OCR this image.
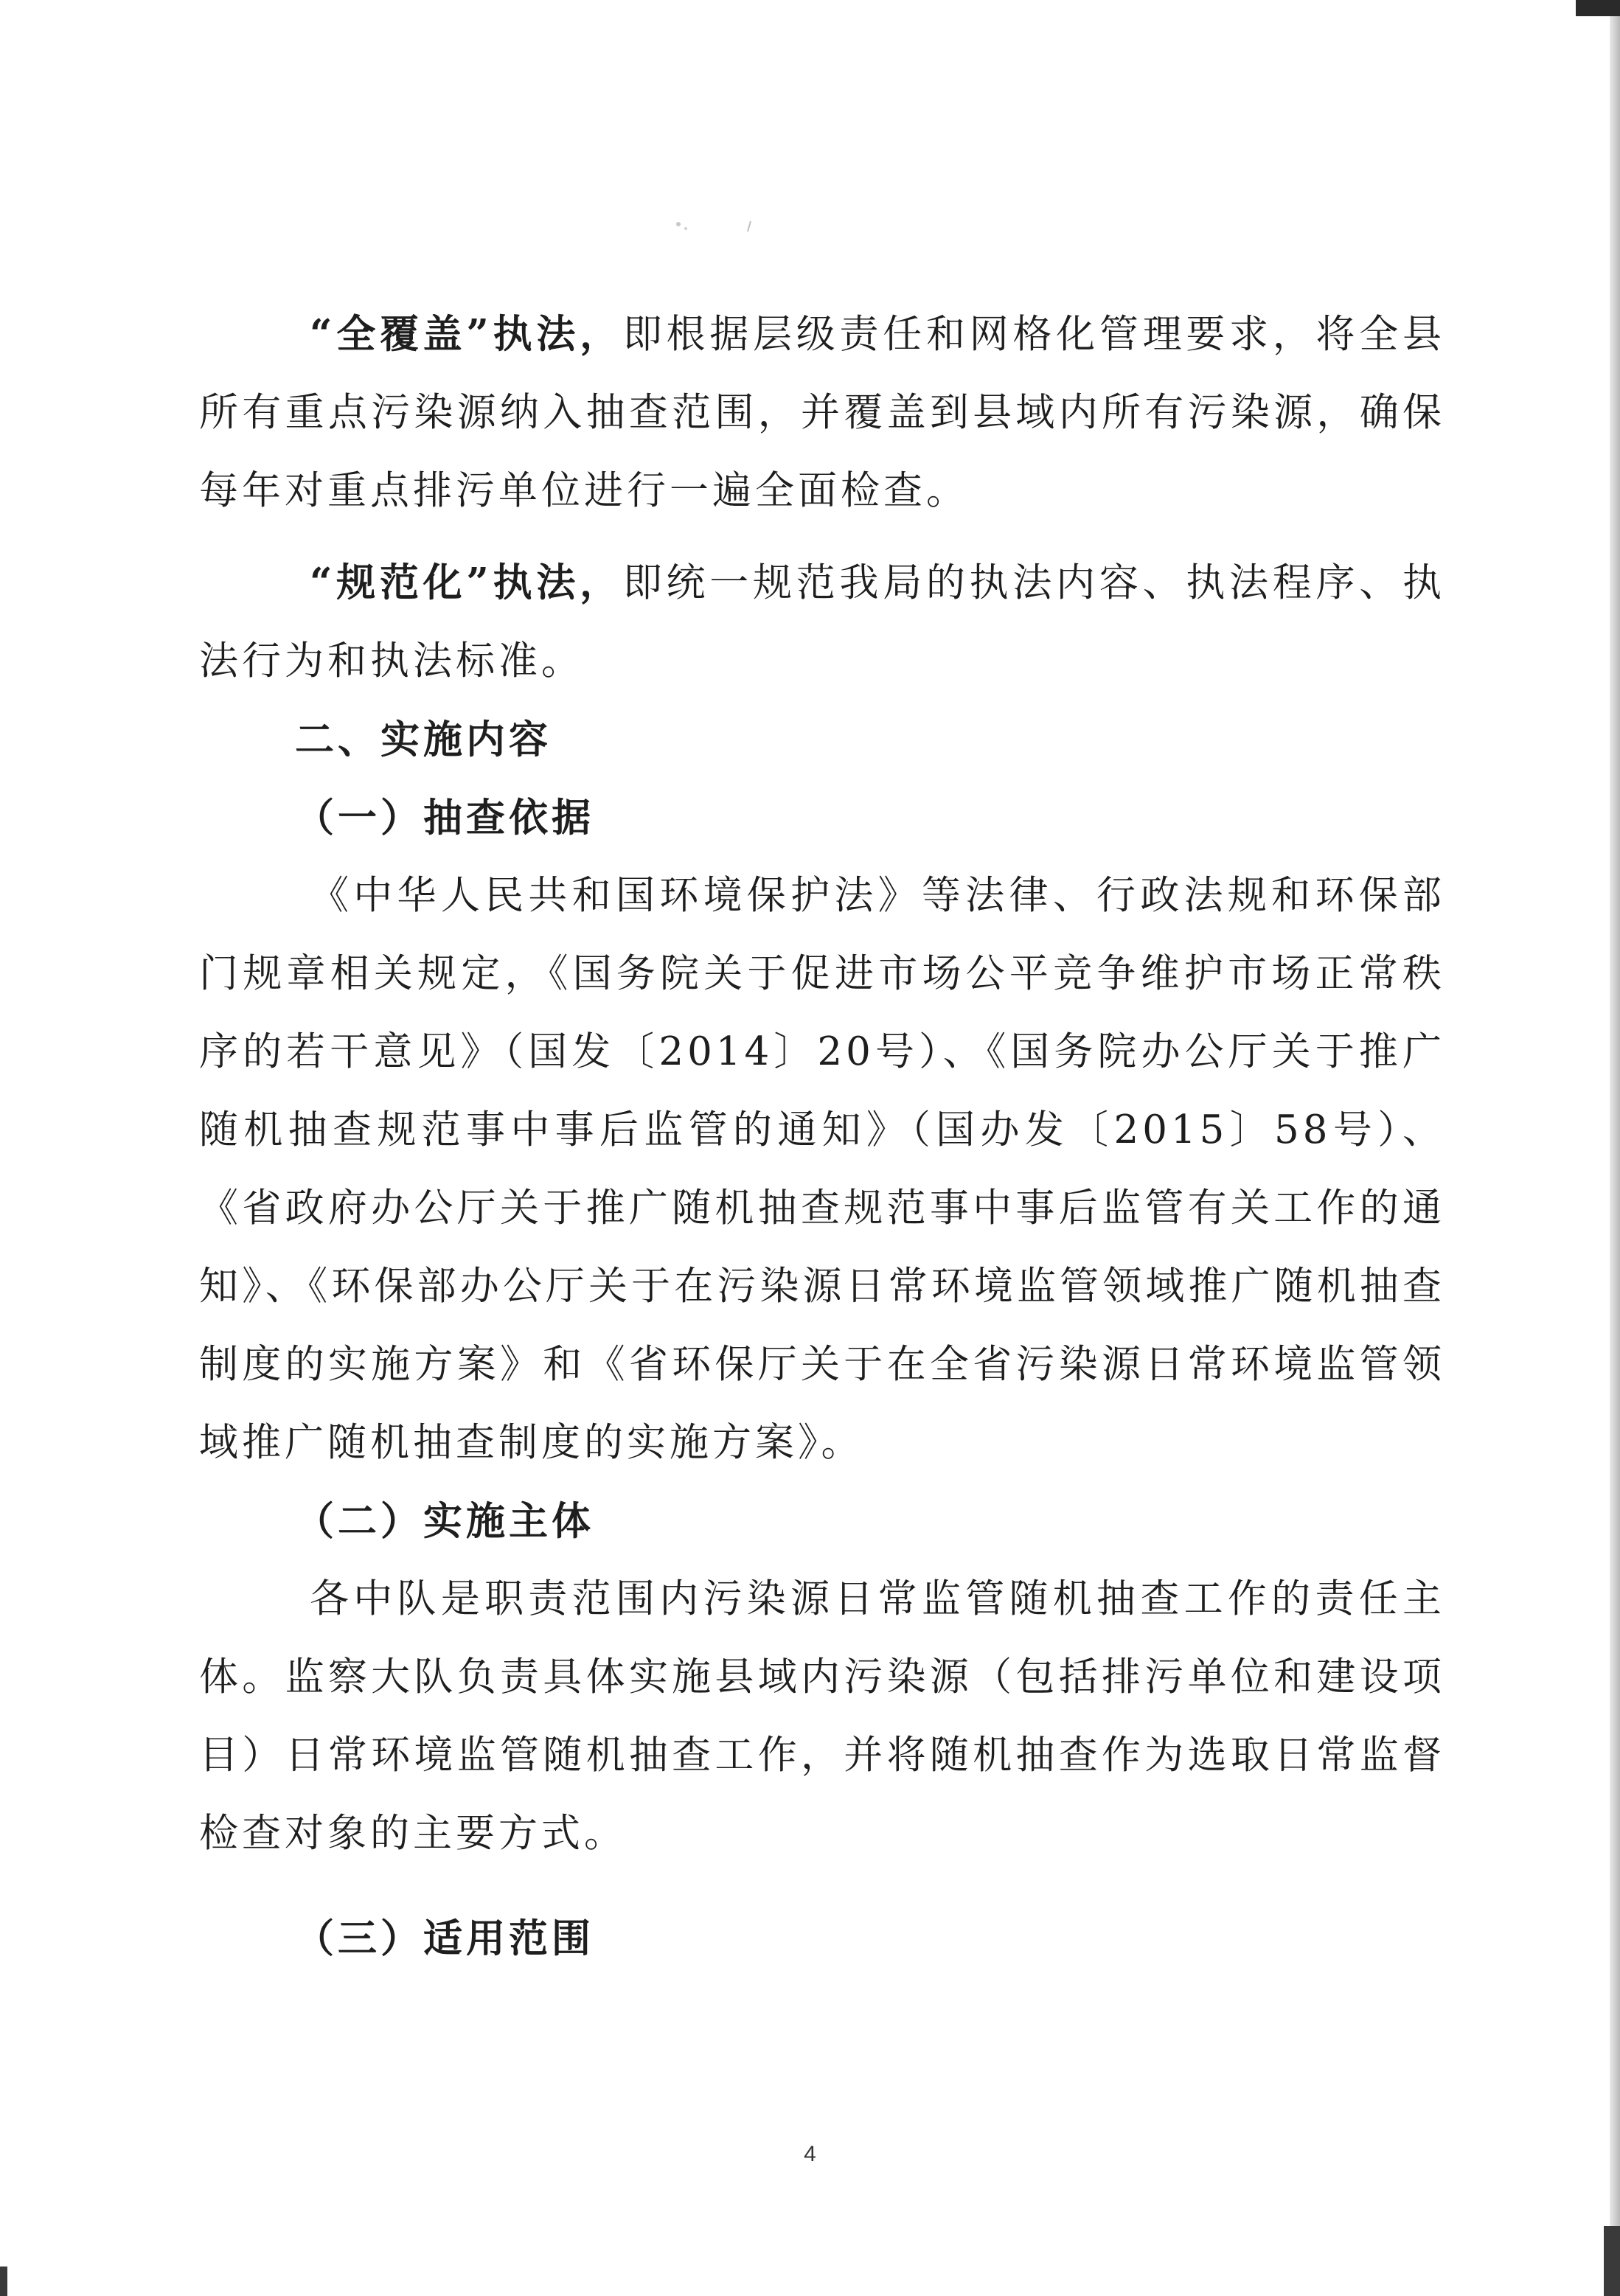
“全覆盖”执法，即根据层级责任和网格化管理要求，将全县所有重点污染源纳入抽查范围，并覆盖到县域内所有污染源，确保每年对重点排污单位进行一遍全面检查。

“规范化”执法，即统一规范我局的执法内容、执法程序、执法行为和执法标准。

二、实施内容

（一）抽查依据

《中华人民共和国环境保护法》等法律、行政法规和环保部门规章相关规定，《国务院关于促进市场公平竞争维护市场正常秩序的若干意见》（国发〔2014〕20号）、《国务院办公厅关于推广随机抽查规范事中事后监管的通知》（国办发〔2015〕58号）、《省政府办公厅关于推广随机抽查规范事中事后监管有关工作的通知》、《环保部办公厅关于在污染源日常环境监管领域推广随机抽查制度的实施方案》和《省环保厅关于在全省污染源日常环境监管领域推广随机抽查制度的实施方案》。

（二）实施主体

各中队是职责范围内污染源日常监管随机抽查工作的责任主体。监察大队负责具体实施县域内污染源（包括排污单位和建设项目）日常环境监管随机抽查工作，并将随机抽查作为选取日常监督检查对象的主要方式。

（三）适用范围

4
